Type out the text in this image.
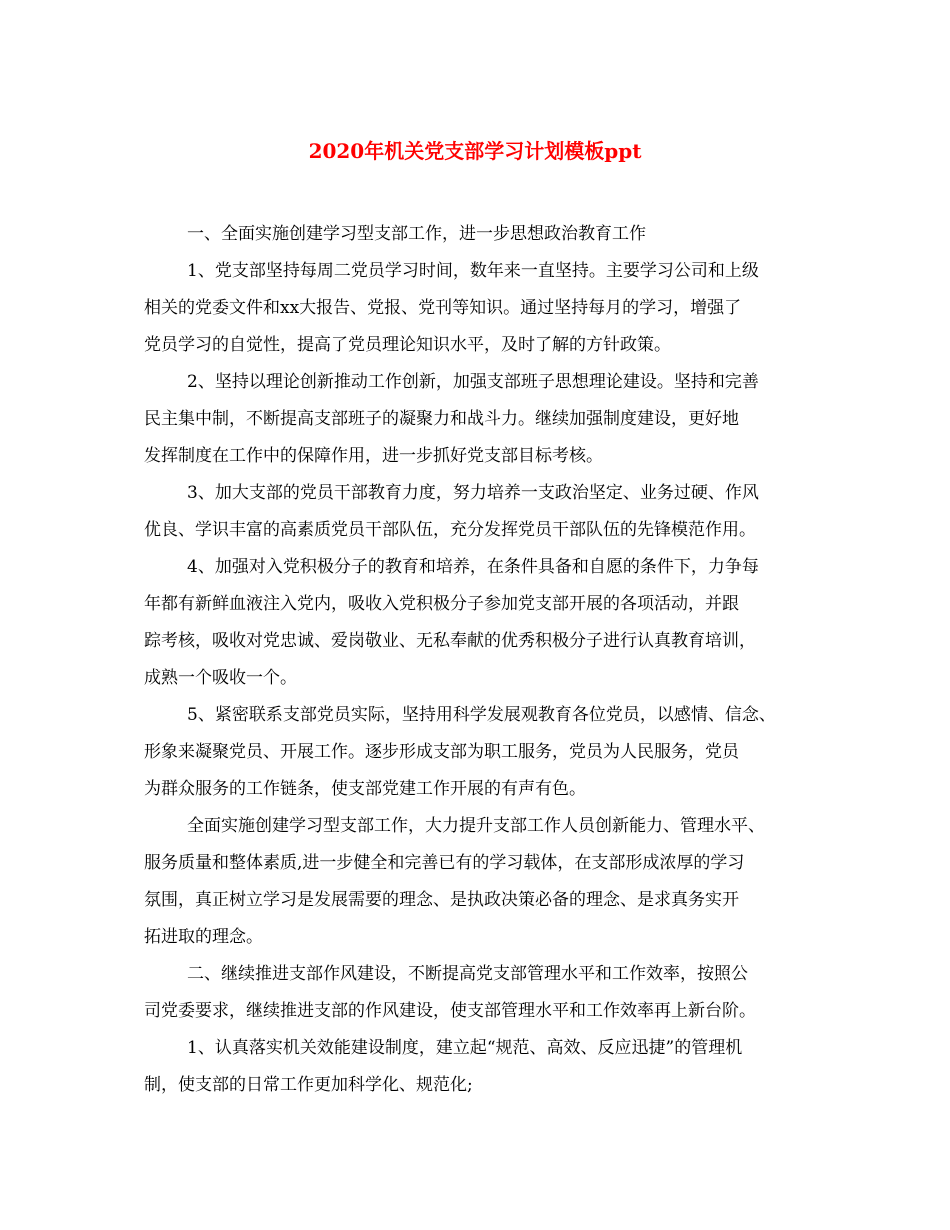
2020年机关党支部学习计划模板ppt
一、全面实施创建学习型支部工作，进一步思想政治教育工作
1、党支部坚持每周二党员学习时间，数年来一直坚持。主要学习公司和上级
相关的党委文件和xx大报告、党报、党刊等知识。通过坚持每月的学习，增强了
党员学习的自觉性，提高了党员理论知识水平，及时了解的方针政策。
2、坚持以理论创新推动工作创新，加强支部班子思想理论建设。坚持和完善
民主集中制，不断提高支部班子的凝聚力和战斗力。继续加强制度建设，更好地
发挥制度在工作中的保障作用，进一步抓好党支部目标考核。
3、加大支部的党员干部教育力度，努力培养一支政治坚定、业务过硬、作风
优良、学识丰富的高素质党员干部队伍，充分发挥党员干部队伍的先锋模范作用。
4、加强对入党积极分子的教育和培养，在条件具备和自愿的条件下，力争每
年都有新鲜血液注入党内，吸收入党积极分子参加党支部开展的各项活动，并跟
踪考核，吸收对党忠诚、爱岗敬业、无私奉献的优秀积极分子进行认真教育培训，
成熟一个吸收一个。
5、紧密联系支部党员实际，坚持用科学发展观教育各位党员，以感情、信念、
形象来凝聚党员、开展工作。逐步形成支部为职工服务，党员为人民服务，党员
为群众服务的工作链条，使支部党建工作开展的有声有色。
全面实施创建学习型支部工作，大力提升支部工作人员创新能力、管理水平、
服务质量和整体素质,进一步健全和完善已有的学习载体，在支部形成浓厚的学习
氛围，真正树立学习是发展需要的理念、是执政决策必备的理念、是求真务实开
拓进取的理念。
二、继续推进支部作风建设，不断提高党支部管理水平和工作效率，按照公
司党委要求，继续推进支部的作风建设，使支部管理水平和工作效率再上新台阶。
1、认真落实机关效能建设制度，建立起“规范、高效、反应迅捷”的管理机
制，使支部的日常工作更加科学化、规范化;
